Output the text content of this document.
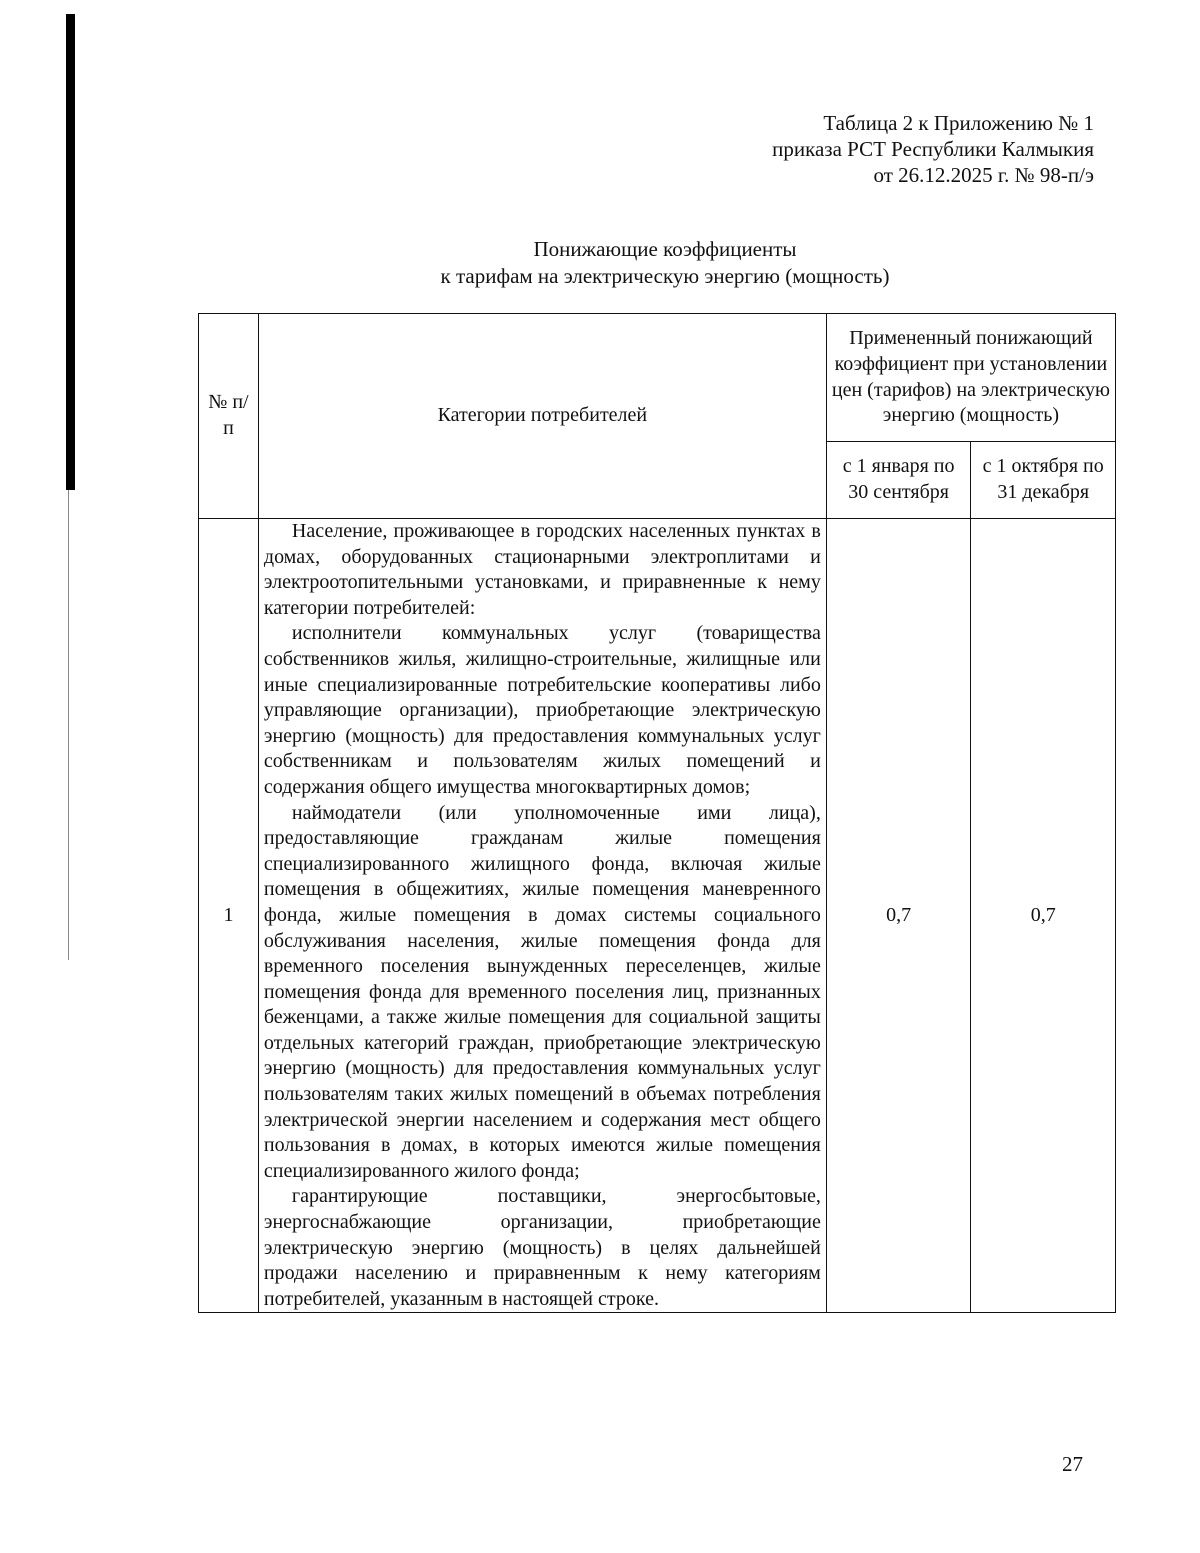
Таблица 2 к Приложению № 1
приказа РСТ Республики Калмыкия
от 26.12.2025 г. № 98-п/э
Понижающие коэффициенты
к тарифам на электрическую энергию (мощность)
№ п/п	Категории потребителей	Примененный понижающий коэффициент при установлении цен (тарифов) на электрическую энергию (мощность)	
		с 1 января по 30 сентября	с 1 октября по 31 декабря
1	Население, проживающее в городских населенных пунктах в домах, оборудованных стационарными электроплитами и электроотопительными установками, и приравненные к нему категории потребителей:

исполнители коммунальных услуг (товарищества собственников жилья, жилищно-строительные, жилищные или иные специализированные потребительские кооперативы либо управляющие организации), приобретающие электрическую энергию (мощность) для предоставления коммунальных услуг собственникам и пользователям жилых помещений и содержания общего имущества многоквартирных домов;

наймодатели (или уполномоченные ими лица), предоставляющие гражданам жилые помещения специализированного жилищного фонда, включая жилые помещения в общежитиях, жилые помещения маневренного фонда, жилые помещения в домах системы социального обслуживания населения, жилые помещения фонда для временного поселения вынужденных переселенцев, жилые помещения фонда для временного поселения лиц, признанных беженцами, а также жилые помещения для социальной защиты отдельных категорий граждан, приобретающие электрическую энергию (мощность) для предоставления коммунальных услуг пользователям таких жилых помещений в объемах потребления электрической энергии населением и содержания мест общего пользования в домах, в которых имеются жилые помещения специализированного жилого фонда;

гарантирующие поставщики, энергосбытовые, энергоснабжающие организации, приобретающие электрическую энергию (мощность) в целях дальнейшей продажи населению и приравненным к нему категориям потребителей, указанным в настоящей строке.	0,7	0,7
27
